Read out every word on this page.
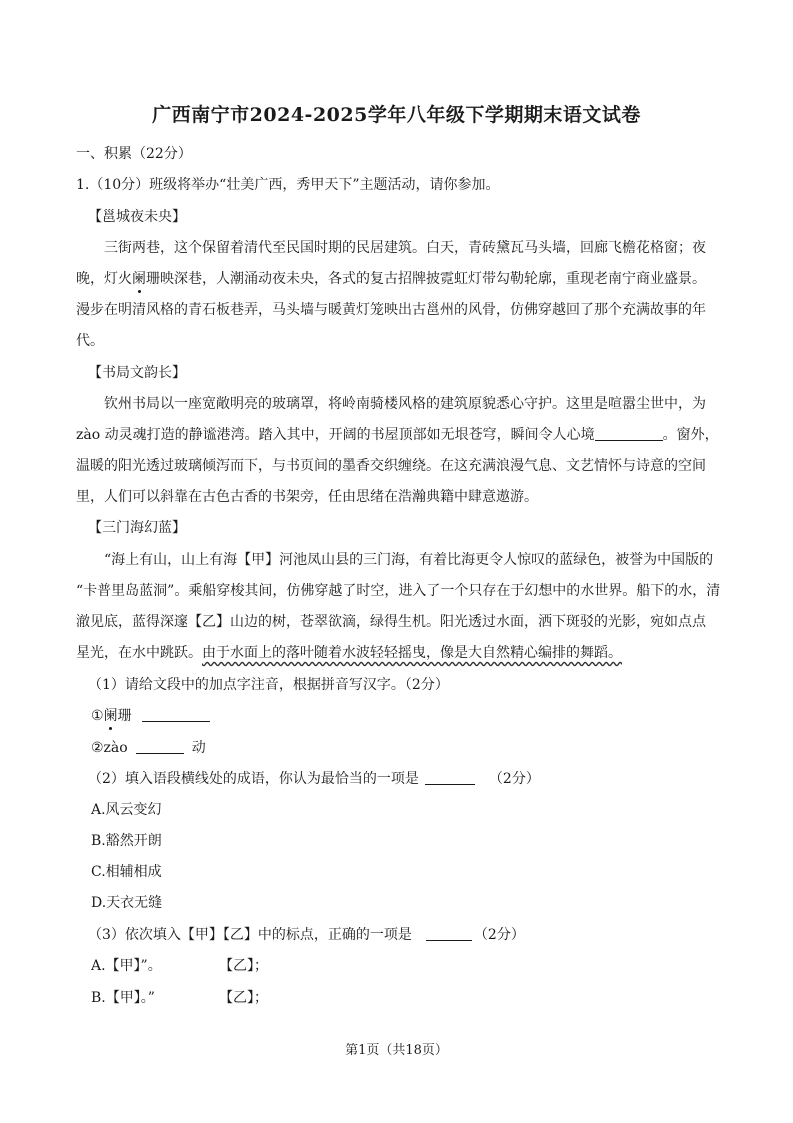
广西南宁市2024-2025学年八年级下学期期末语文试卷
一、积累（22分）
1.（10分）班级将举办“壮美广西，秀甲天下”主题活动，请你参加。
【邕城夜未央】
三街两巷，这个保留着清代至民国时期的民居建筑。白天，青砖黛瓦马头墙，回廊飞檐花格窗；夜
晚，灯火阑珊映深巷，人潮涌动夜未央，各式的复古招牌披霓虹灯带勾勒轮廓，重现老南宁商业盛景。
漫步在明清风格的青石板巷弄，马头墙与暖黄灯笼映出古邕州的风骨，仿佛穿越回了那个充满故事的年
代。
【书局文韵长】
钦州书局以一座宽敞明亮的玻璃罩，将岭南骑楼风格的建筑原貌悉心守护。这里是喧嚣尘世中，为
zào 动灵魂打造的静谧港湾。踏入其中，开阔的书屋顶部如无垠苍穹，瞬间令人心境	。窗外，
温暖的阳光透过玻璃倾泻而下，与书页间的墨香交织缠绕。在这充满浪漫气息、文艺情怀与诗意的空间
里，人们可以斜靠在古色古香的书架旁，任由思绪在浩瀚典籍中肆意遨游。
【三门海幻蓝】
“海上有山，山上有海【甲】河池凤山县的三门海，有着比海更令人惊叹的蓝绿色，被誉为中国版的
“卡普里岛蓝洞”。乘船穿梭其间，仿佛穿越了时空，进入了一个只存在于幻想中的水世界。船下的水，清
澈见底，蓝得深邃【乙】山边的树，苍翠欲滴，绿得生机。阳光透过水面，洒下斑驳的光影，宛如点点
星光，在水中跳跃。由于水面上的落叶随着水波轻轻摇曳，像是大自然精心编排的舞蹈。
（1）请给文段中的加点字注音，根据拼音写汉字。（2分）
①阑珊
②zào	动
（2）填入语段横线处的成语，你认为最恰当的一项是	（2分）
A.风云变幻
B.豁然开朗
C.相辅相成
D.天衣无缝
（3）依次填入【甲】【乙】中的标点，正确的一项是	（2分）
A.【甲】”。	【乙】；
B.【甲】。”	【乙】；
第1页（共18页）
